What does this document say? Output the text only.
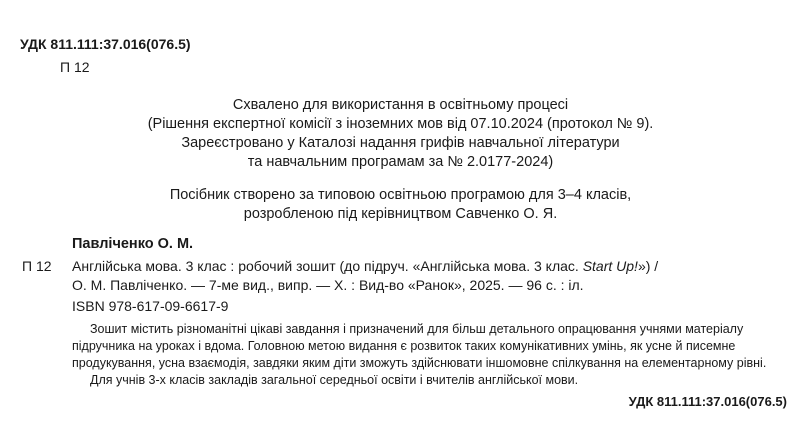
УДК 811.111:37.016(076.5)
П 12
Схвалено для використання в освітньому процесі
(Рішення експертної комісії з іноземних мов від 07.10.2024 (протокол № 9).
Зареєстровано у Каталозі надання грифів навчальної літератури
та навчальним програмам за № 2.0177-2024)
Посібник створено за типовою освітньою програмою для 3–4 класів,
розробленою під керівництвом Савченко О. Я.
Павліченко О. М.
П 12 Англійська мова. 3 клас : робочий зошит (до підруч. «Англійська мова. 3 клас. Start Up!») /
О. М. Павліченко. — 7-ме вид., випр. — Х. : Вид-во «Ранок», 2025. — 96 с. : іл.
ISBN 978-617-09-6617-9

Зошит містить різноманітні цікаві завдання і призначений для більш детального опрацювання учнями матеріалу

підручника на уроках і вдома. Головною метою видання є розвиток таких комунікативних умінь, як усне й писемне

продукування, усна взаємодія, завдяки яким діти зможуть здійснювати іншомовне спілкування на елементарному рівні.

Для учнів 3-х класів закладів загальної середньої освіти і вчителів англійської мови.

УДК 811.111:37.016(076.5)
